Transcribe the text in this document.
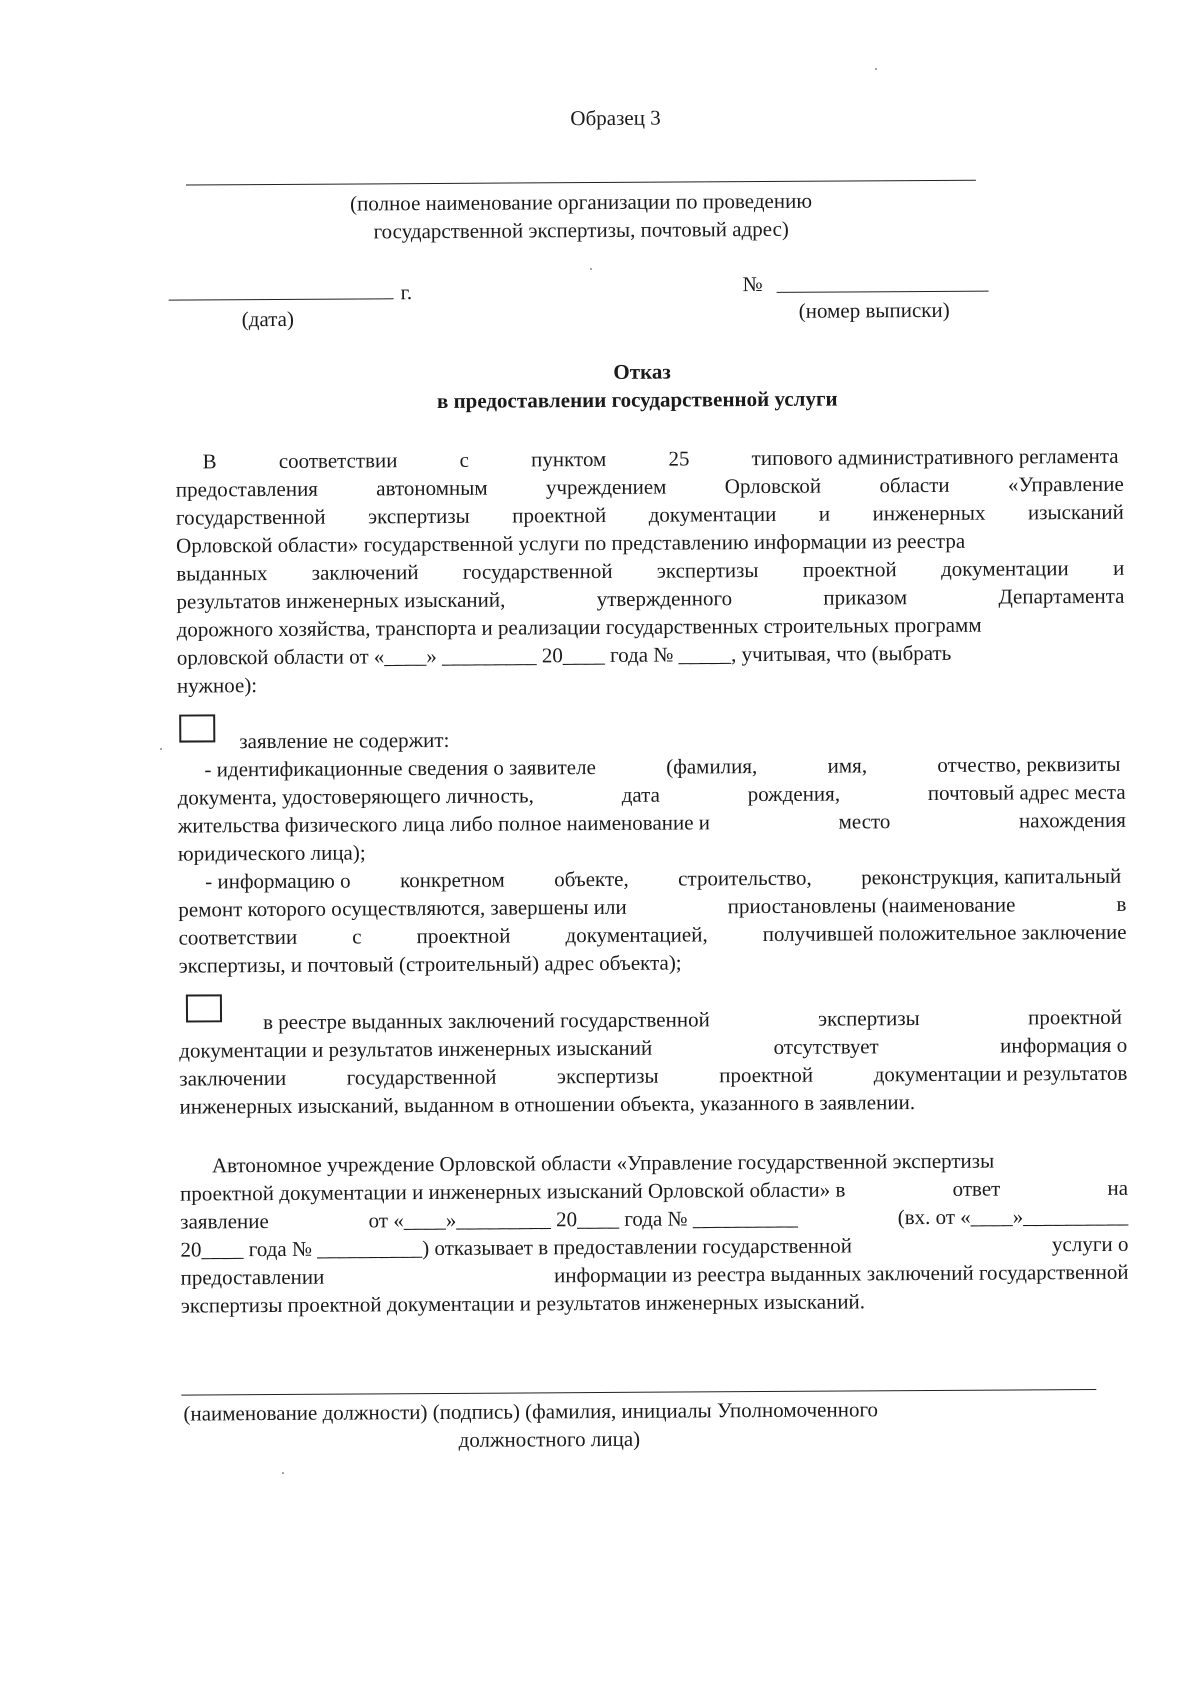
Образец 3
(полное наименование организации по проведению
государственной экспертизы, почтовый адрес)
г.
(дата)
№
(номер выписки)
Отказ
в предоставлении государственной услуги
В	соответствии	с	пунктом	25	типового административного регламента
предоставления	автономным	учреждением	Орловской	области	«Управление
государственной экспертизы проектной документации и инженерных изысканий
Орловской области» государственной услуги по представлению информации из реестра
выданных заключений государственной экспертизы проектной документации и
результатов инженерных изысканий,	утвержденного	приказом	Департамента
дорожного хозяйства, транспорта и реализации государственных строительных программ
орловской области от «____» _________ 20____ года № _____, учитывая, что (выбрать
нужное):
заявление не содержит:
- идентификационные сведения о заявителе	(фамилия,	имя,	отчество, реквизиты
документа, удостоверяющего личность,	дата	рождения,	почтовый адрес места
жительства физического лица либо полное наименование и	место	нахождения
юридического лица);
- информацию о конкретном объекте, строительство, реконструкция, капитальный
ремонт которого осуществляются, завершены или	приостановлены (наименование	в
соответствии	с	проектной	документацией,	получившей положительное заключение
экспертизы, и почтовый (строительный) адрес объекта);
в реестре выданных заключений государственной	экспертизы	проектной
документации и результатов инженерных изысканий	отсутствует	информация о
заключении	государственной	экспертизы	проектной	документации и результатов
инженерных изысканий, выданном в отношении объекта, указанного в заявлении.
Автономное учреждение Орловской области «Управление государственной экспертизы
проектной документации и инженерных изысканий Орловской области» в	ответ	на
заявление	от «____»_________ 20____ года № __________	(вх. от «____»__________
20____ года № __________) отказывает в предоставлении государственной	услуги о
предоставлении	информации из реестра выданных заключений государственной
экспертизы проектной документации и результатов инженерных изысканий.
(наименование должности) (подпись) (фамилия, инициалы Уполномоченного
должностного лица)
